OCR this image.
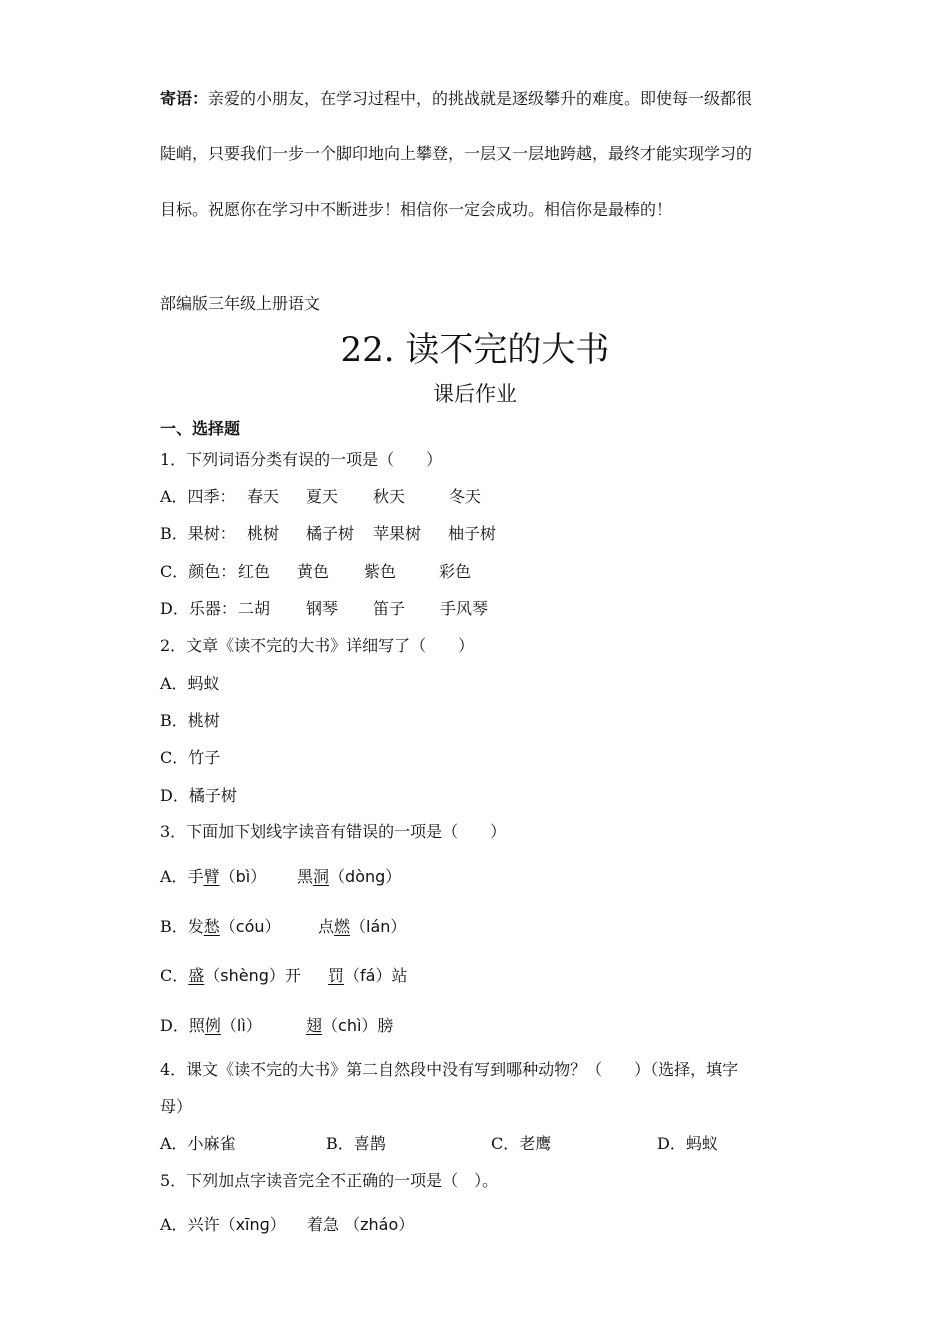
寄语：亲爱的小朋友，在学习过程中，的挑战就是逐级攀升的难度。即使每一级都很
陡峭，只要我们一步一个脚印地向上攀登，一层又一层地跨越，最终才能实现学习的
目标。祝愿你在学习中不断进步！相信你一定会成功。相信你是最棒的！
部编版三年级上册语文
22. 读不完的大书
课后作业
一、选择题
1．下列词语分类有误的一项是（　　）
A．四季： 春天 夏天 秋天	冬天
B．果树： 桃树 橘子树 苹果树 柚子树
C．颜色： 红色 黄色 紫色	彩色
D．乐器： 二胡 钢琴 笛子 手风琴
2．文章《读不完的大书》详细写了（　　）
A．蚂蚁
B．桃树
C．竹子
D．橘子树
3．下面加下划线字读音有错误的一项是（　　）
A．手臂（bì） 黑洞（dòng）
B．发愁（cóu） 点燃（lán）
C．盛（shèng）开 罚（fá）站
D．照例（lì）	翅（chì）膀
4．课文《读不完的大书》第二自然段中没有写到哪种动物？（　　）（选择，填字
母）
A．小麻雀	B．喜鹊	C．老鹰	D．蚂蚁
5．下列加点字读音完全不正确的一项是（　）。
A．兴许（xīnɡ） 着急 （zháo）
